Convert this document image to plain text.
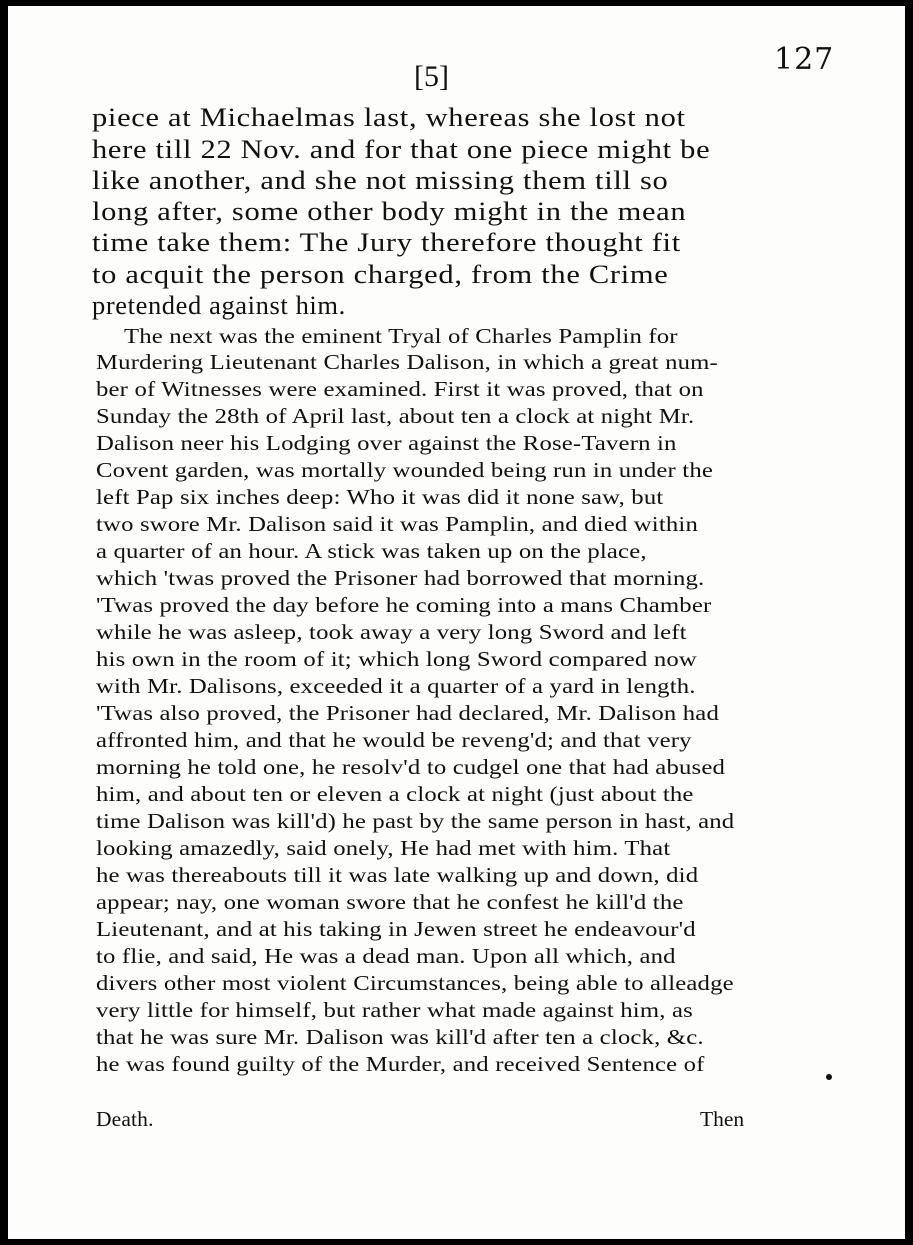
127
[5]
piece at Michaelmas last, whereas she lost not
here till 22 Nov. and for that one piece might be
like another, and she not missing them till so
long after, some other body might in the mean
time take them: The Jury therefore thought fit
to acquit the person charged, from the Crime
pretended against him.
The next was the eminent Tryal of Charles Pamplin for
Murdering Lieutenant Charles Dalison, in which a great num-
ber of Witnesses were examined. First it was proved, that on
Sunday the 28th of April last, about ten a clock at night Mr.
Dalison neer his Lodging over against the Rose-Tavern in
Covent garden, was mortally wounded being run in under the
left Pap six inches deep: Who it was did it none saw, but
two swore Mr. Dalison said it was Pamplin, and died within
a quarter of an hour. A stick was taken up on the place,
which 'twas proved the Prisoner had borrowed that morning.
'Twas proved the day before he coming into a mans Chamber
while he was asleep, took away a very long Sword and left
his own in the room of it; which long Sword compared now
with Mr. Dalisons, exceeded it a quarter of a yard in length.
'Twas also proved, the Prisoner had declared, Mr. Dalison had
affronted him, and that he would be reveng'd; and that very
morning he told one, he resolv'd to cudgel one that had abused
him, and about ten or eleven a clock at night (just about the
time Dalison was kill'd) he past by the same person in hast, and
looking amazedly, said onely, He had met with him. That
he was thereabouts till it was late walking up and down, did
appear; nay, one woman swore that he confest he kill'd the
Lieutenant, and at his taking in Jewen street he endeavour'd
to flie, and said, He was a dead man. Upon all which, and
divers other most violent Circumstances, being able to alleadge
very little for himself, but rather what made against him, as
that he was sure Mr. Dalison was kill'd after ten a clock, &c.
he was found guilty of the Murder, and received Sentence of
Death.	Then
